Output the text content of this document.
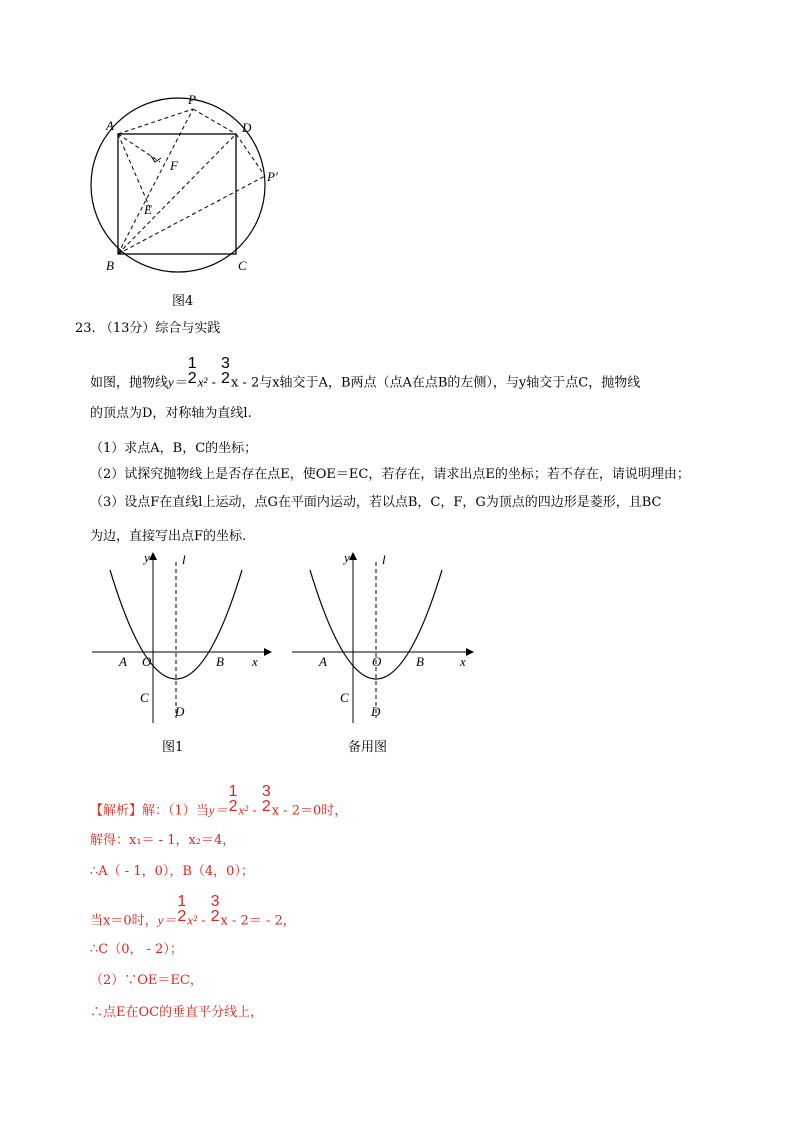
A
P
D
F
P′
E
B	C
图4
23. （13分）综合与实践
如图，抛物线y＝
1
2 x² -
3
2 x - 2与x轴交于A，B两点（点A在点B的左侧），与y轴交于点C，抛物线
的顶点为D，对称轴为直线l.
（1）求点A，B，C的坐标；
（2）试探究抛物线上是否存在点E，使OE＝EC，若存在，请求出点E的坐标；若不存在，请说明理由；
（3）设点F在直线l上运动，点G在平面内运动，若以点B，C，F，G为顶点的四边形是菱形，且BC
为边，直接写出点F的坐标.
y l
x
A O	B
C
D
图1
y l
x
A	O	B
C
D
备用图
【解析】解：（1）当y＝
1
2 x² -
3
2 x - 2＝0时，
解得：x₁＝ - 1，x₂＝4，
∴A（ - 1，0），B（4，0）；
当x＝0时，y＝
1
2 x² -
3
2 x - 2＝ - 2，
∴C（0， - 2）；
（2）∵OE＝EC，
∴点E在OC的垂直平分线上，
